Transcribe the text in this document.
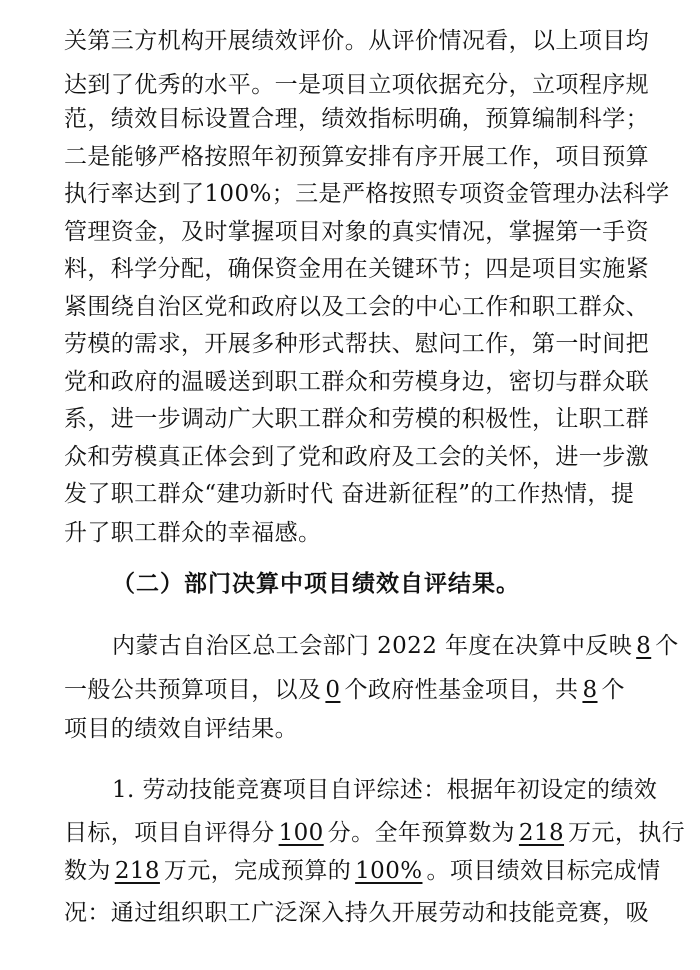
关第三方机构开展绩效评价。从评价情况看，以上项目均
达到了优秀的水平。一是项目立项依据充分，立项程序规
范，绩效目标设置合理，绩效指标明确，预算编制科学；
二是能够严格按照年初预算安排有序开展工作，项目预算
执行率达到了100%；三是严格按照专项资金管理办法科学
管理资金，及时掌握项目对象的真实情况，掌握第一手资
料，科学分配，确保资金用在关键环节；四是项目实施紧
紧围绕自治区党和政府以及工会的中心工作和职工群众、
劳模的需求，开展多种形式帮扶、慰问工作，第一时间把
党和政府的温暖送到职工群众和劳模身边，密切与群众联
系，进一步调动广大职工群众和劳模的积极性，让职工群
众和劳模真正体会到了党和政府及工会的关怀，进一步激
发了职工群众“建功新时代 奋进新征程”的工作热情，提
升了职工群众的幸福感。
（二）部门决算中项目绩效自评结果。
内蒙古自治区总工会部门 2022 年度在决算中反映 8 个
一般公共预算项目，以及 0 个政府性基金项目，共 8 个
项目的绩效自评结果。
1. 劳动技能竞赛项目自评综述：根据年初设定的绩效
目标，项目自评得分 100 分。全年预算数为 218 万元，执行
数为 218 万元，完成预算的 100% 。项目绩效目标完成情
况：通过组织职工广泛深入持久开展劳动和技能竞赛，吸
